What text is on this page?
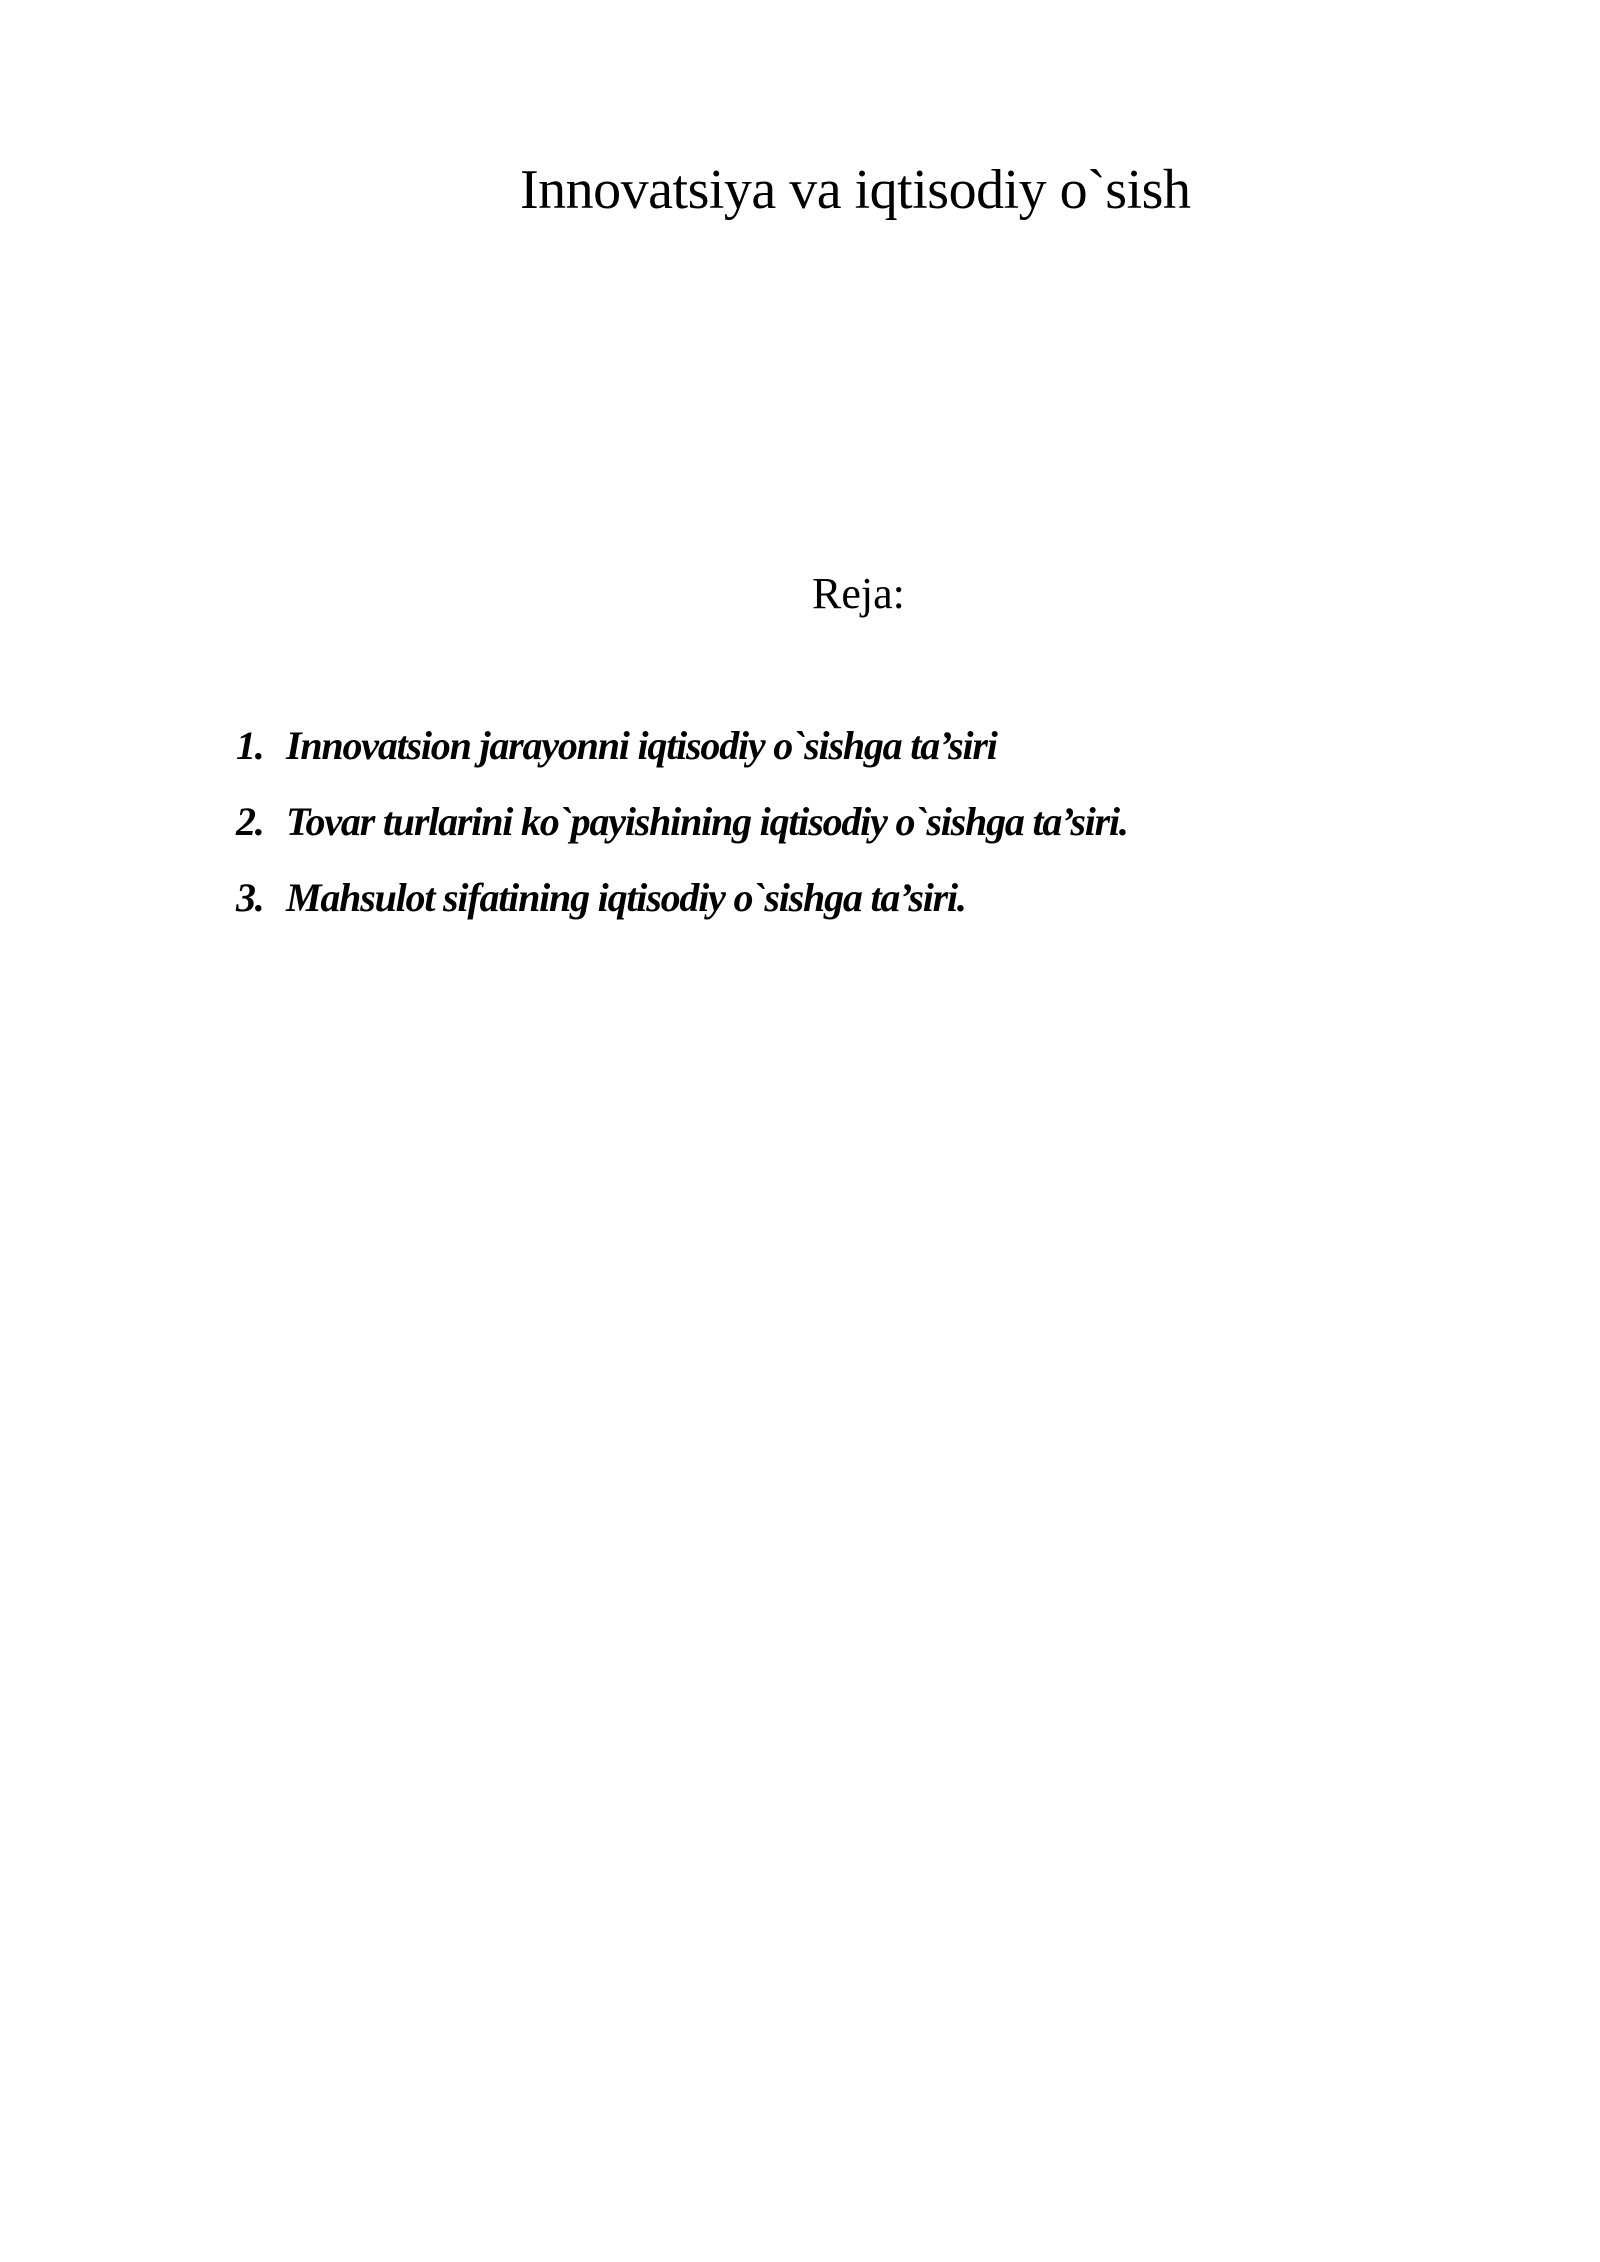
Innovatsiya va iqtisodiy o`sish
Reja:
1. Innovatsion jarayonni iqtisodiy o`sishga ta’siri
2. Tovar turlarini ko`payishining iqtisodiy o`sishga ta’siri.
3. Mahsulot sifatining iqtisodiy o`sishga ta’siri.
